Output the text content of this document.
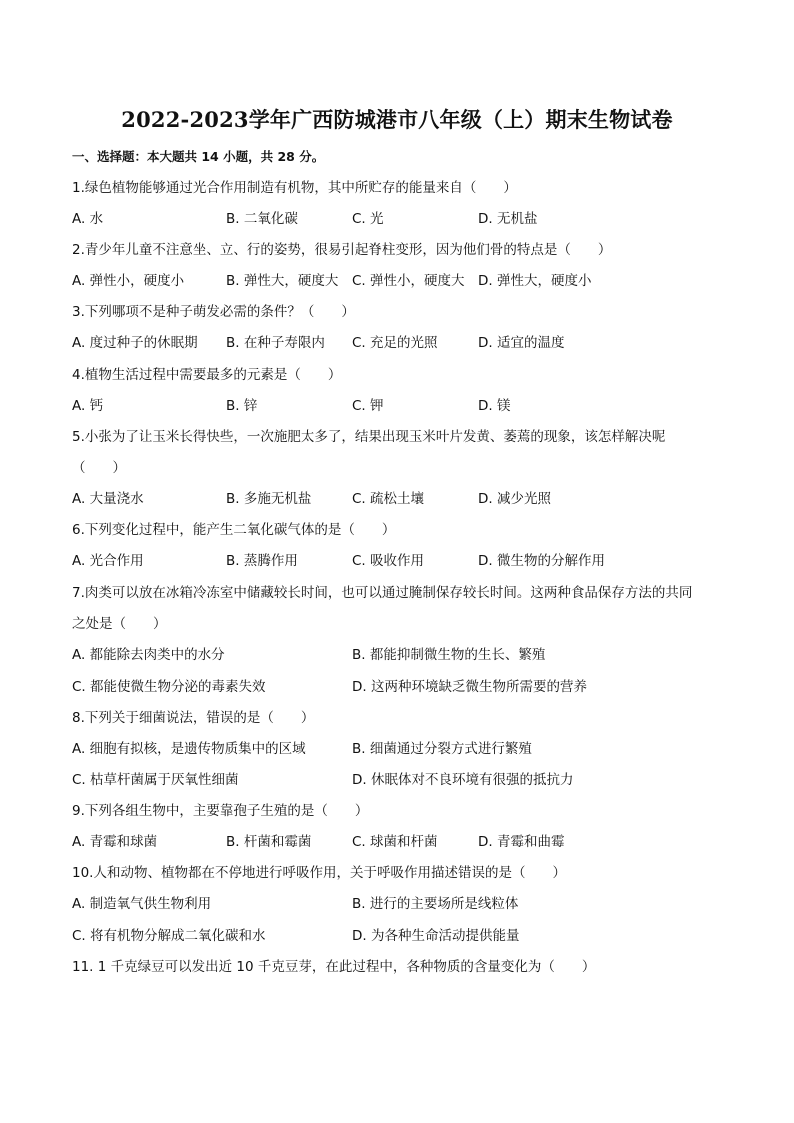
2022-2023学年广西防城港市八年级（上）期末生物试卷
一、选择题：本大题共 14 小题，共 28 分。
1.绿色植物能够通过光合作用制造有机物，其中所贮存的能量来自（　　）
A. 水	B. 二氧化碳	C. 光	D. 无机盐
2.青少年儿童不注意坐、立、行的姿势，很易引起脊柱变形，因为他们骨的特点是（　　）
A. 弹性小，硬度小	B. 弹性大，硬度大 C. 弹性小，硬度大 D. 弹性大，硬度小
3.下列哪项不是种子萌发必需的条件？（　　）
A. 度过种子的休眠期 B. 在种子寿限内 C. 充足的光照	D. 适宜的温度
4.植物生活过程中需要最多的元素是（　　）
A. 钙	B. 锌	C. 钾	D. 镁
5.小张为了让玉米长得快些，一次施肥太多了，结果出现玉米叶片发黄、萎蔫的现象，该怎样解决呢
（　　）
A. 大量浇水	B. 多施无机盐	C. 疏松土壤	D. 减少光照
6.下列变化过程中，能产生二氧化碳气体的是（　　）
A. 光合作用	B. 蒸腾作用	C. 吸收作用	D. 微生物的分解作用
7.肉类可以放在冰箱冷冻室中储藏较长时间，也可以通过腌制保存较长时间。这两种食品保存方法的共同
之处是（　　）
A. 都能除去肉类中的水分	B. 都能抑制微生物的生长、繁殖
C. 都能使微生物分泌的毒素失效	D. 这两种环境缺乏微生物所需要的营养
8.下列关于细菌说法，错误的是（　　）
A. 细胞有拟核，是遗传物质集中的区域	B. 细菌通过分裂方式进行繁殖
C. 枯草杆菌属于厌氧性细菌	D. 休眠体对不良环境有很强的抵抗力
9.下列各组生物中，主要靠孢子生殖的是（　　）
A. 青霉和球菌	B. 杆菌和霉菌	C. 球菌和杆菌	D. 青霉和曲霉
10.人和动物、植物都在不停地进行呼吸作用，关于呼吸作用描述错误的是（　　）
A. 制造氧气供生物利用	B. 进行的主要场所是线粒体
C. 将有机物分解成二氧化碳和水	D. 为各种生命活动提供能量
11. 1 千克绿豆可以发出近 10 千克豆芽，在此过程中，各种物质的含量变化为（　　）
